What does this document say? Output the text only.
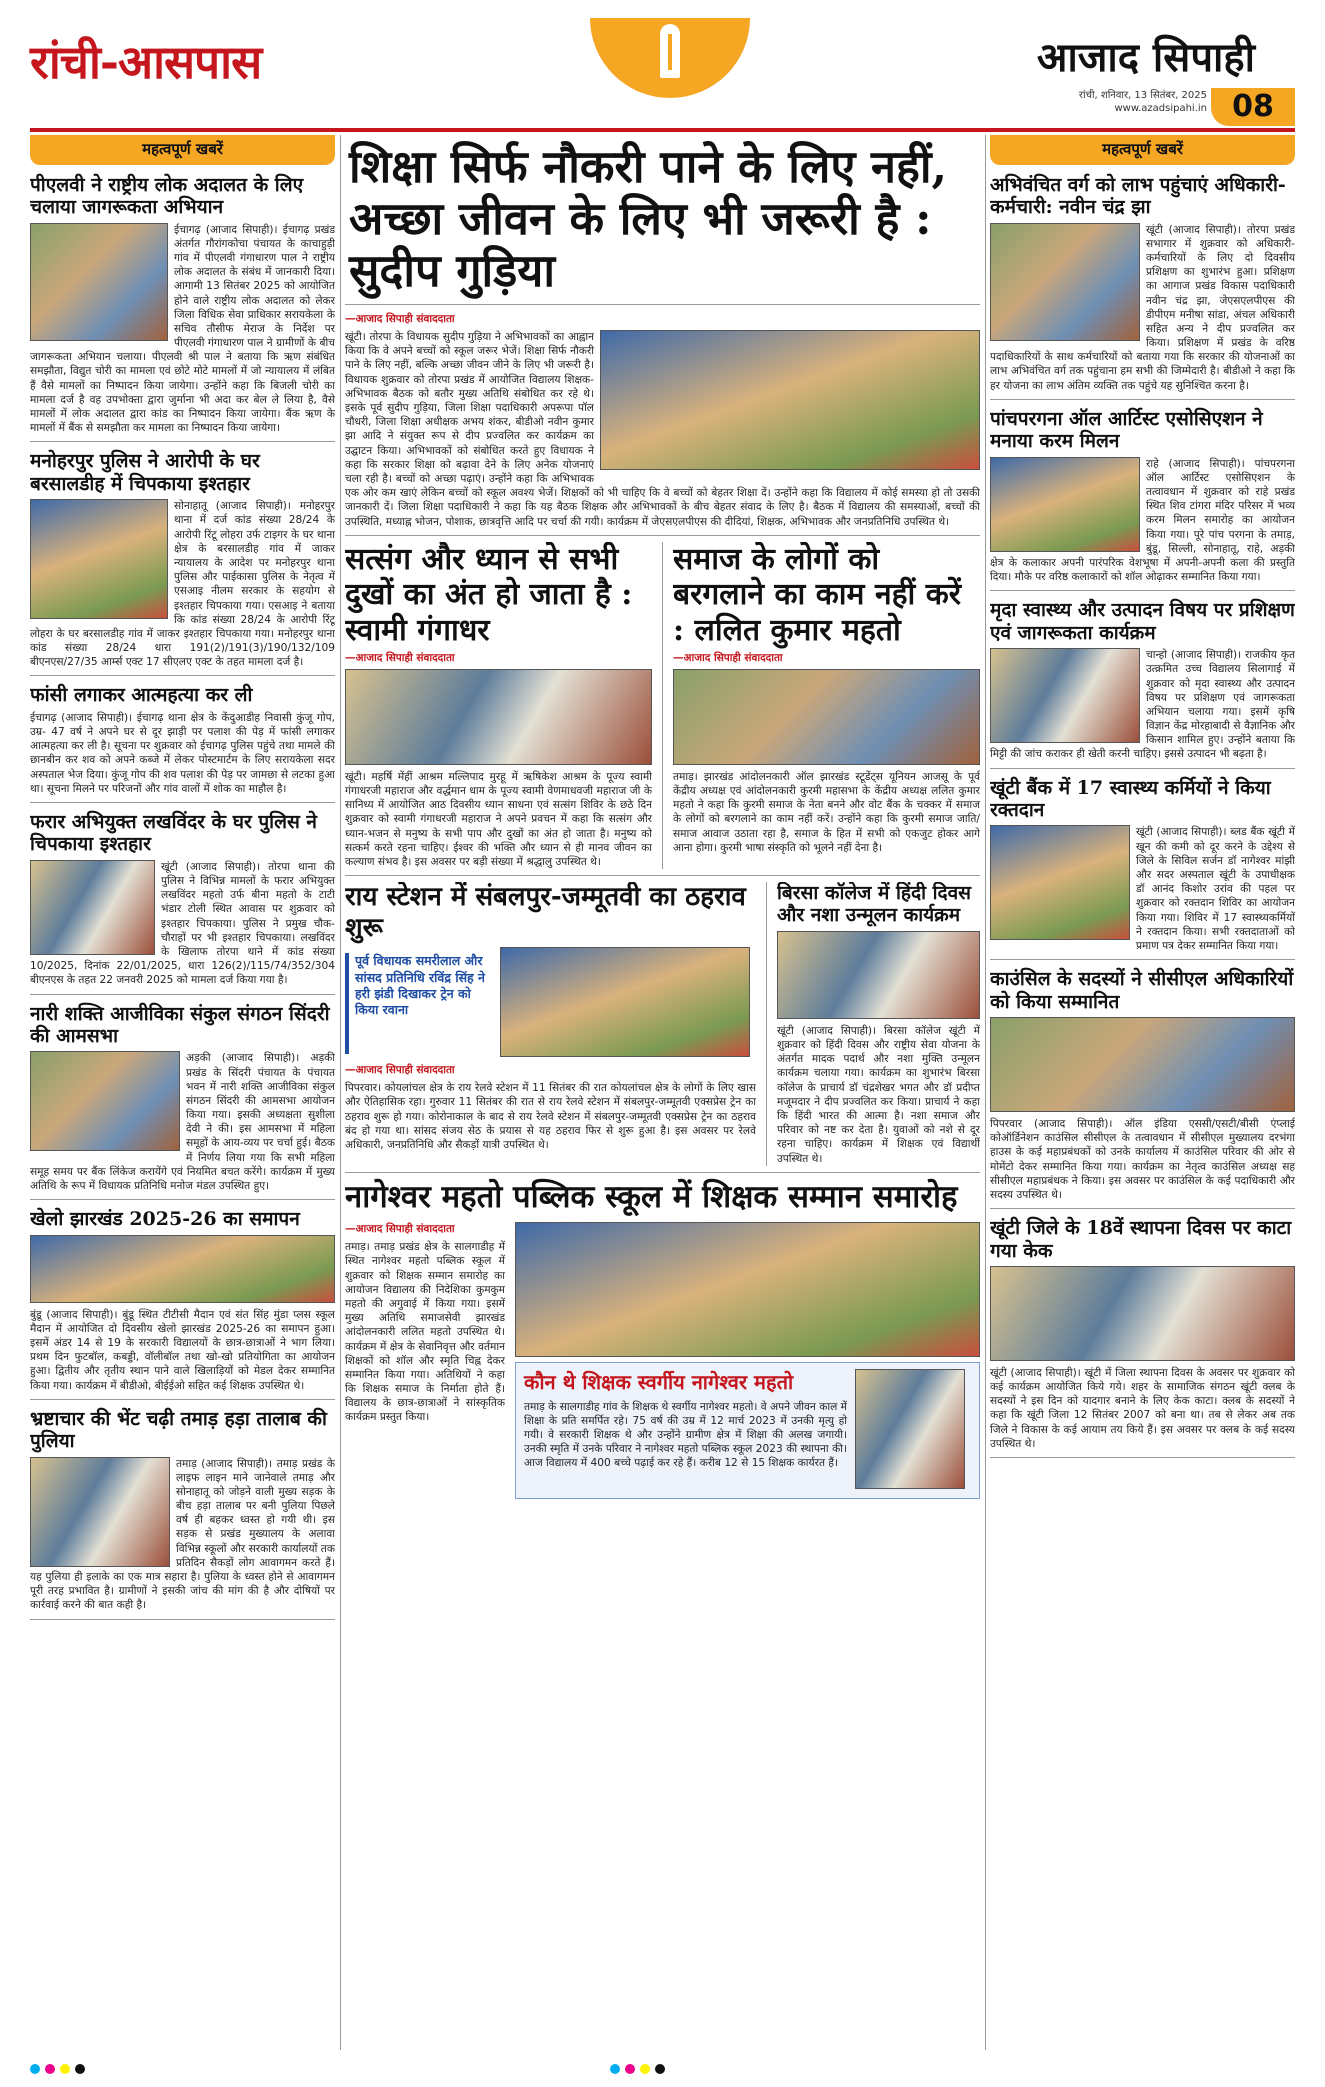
रांची-आसपास	आजाद सिपाही
रांची, शनिवार, 13 सितंबर, 2025
www.azadsipahi.in 08
महत्वपूर्ण खबरें
पीएलवी ने राष्ट्रीय लोक अदालत के लिए चलाया जागरूकता अभियान
ईचागढ़ (आजाद सिपाही)। ईचागढ़ प्रखंड अंतर्गत गौरांगकोचा पंचायत के काचाहुड़ी गांव में पीएलवी गंगाधारण पाल ने राष्ट्रीय लोक अदालत के संबंध में जानकारी दिया। आगामी 13 सितंबर 2025 को आयोजित होने वाले राष्ट्रीय लोक अदालत को लेकर जिला विधिक सेवा प्राधिकार सरायकेला के सचिव तौसीफ मेराज के निर्देश पर पीएलवी गंगाधारण पाल ने ग्रामीणों के बीच जागरूकता अभियान चलाया। पीएलवी श्री पाल ने बताया कि ऋण संबंधित समझौता, विद्युत चोरी का मामला एवं छोटे मोटे मामलों में जो न्यायालय में लंबित हैं वैसे मामलों का निष्पादन किया जायेगा। उन्होंने कहा कि बिजली चोरी का मामला दर्ज है वह उपभोक्ता द्वारा जुर्माना भी अदा कर बेल ले लिया है, वैसे मामलों में लोक अदालत द्वारा कांड का निष्पादन किया जायेगा। बैंक ऋण के मामलों में बैंक से समझौता कर मामला का निष्पादन किया जायेगा।
मनोहरपुर पुलिस ने आरोपी के घर बरसालडीह में चिपकाया इश्तहार
सोनाहातू (आजाद सिपाही)। मनोहरपुर थाना में दर्ज कांड संख्या 28/24 के आरोपी रिंटू लोहरा उर्फ टाइगर के घर थाना क्षेत्र के बरसालडीह गांव में जाकर न्यायालय के आदेश पर मनोहरपुर थाना पुलिस और पाईकासा पुलिस के नेतृत्व में एसआइ नीलम सरकार के सहयोग से इश्तहार चिपकाया गया। एसआइ ने बताया कि कांड संख्या 28/24 के आरोपी रिंटू लोहरा के घर बरसालडीह गांव में जाकर इश्तहार चिपकाया गया। मनोहरपुर थाना कांड संख्या 28/24 धारा 191(2)/191(3)/190/132/109 बीएनएस/27/35 आर्म्स एक्ट 17 सीएलए एक्ट के तहत मामला दर्ज है।
फांसी लगाकर आत्महत्या कर ली
ईचागढ़ (आजाद सिपाही)। ईचागढ़ थाना क्षेत्र के केंदुआडीह निवासी कुंजू गोप, उम्र- 47 वर्ष ने अपने घर से दूर झाड़ी पर पलाश की पेड़ में फांसी लगाकर आत्महत्या कर ली है। सूचना पर शुक्रवार को ईचागढ़ पुलिस पहुंचे तथा मामले की छानबीन कर शव को अपने कब्जे में लेकर पोस्टमार्टम के लिए सरायकेला सदर अस्पताल भेज दिया। कुंजू गोप की शव पलाश की पेड़ पर जामछा से लटका हुआ था। सूचना मिलने पर परिजनों और गांव वालों में शोक का माहौल है।
फरार अभियुक्त लखविंदर के घर पुलिस ने चिपकाया इश्तहार
खूंटी (आजाद सिपाही)। तोरपा थाना की पुलिस ने विभिन्न मामलों के फरार अभियुक्त लखविंदर महतो उर्फ बीना महतो के टाटी भंडार टोली स्थित आवास पर शुक्रवार को इश्तहार चिपकाया। पुलिस ने प्रमुख चौक-चौराहों पर भी इश्तहार चिपकाया। लखविंदर के खिलाफ तोरपा थाने में कांड संख्या 10/2025, दिनांक 22/01/2025, धारा 126(2)/115/74/352/304 बीएनएस के तहत 22 जनवरी 2025 को मामला दर्ज किया गया है।
नारी शक्ति आजीविका संकुल संगठन सिंदरी की आमसभा
अड़की (आजाद सिपाही)। अड़की प्रखंड के सिंदरी पंचायत के पंचायत भवन में नारी शक्ति आजीविका संकुल संगठन सिंदरी की आमसभा आयोजन किया गया। इसकी अध्यक्षता सुशीला देवी ने की। इस आमसभा में महिला समूहों के आय-व्यय पर चर्चा हुई। बैठक में निर्णय लिया गया कि सभी महिला समूह समय पर बैंक लिंकेज करायेंगे एवं नियमित बचत करेंगे। कार्यक्रम में मुख्य अतिथि के रूप में विधायक प्रतिनिधि मनोज मंडल उपस्थित हुए।
खेलो झारखंड 2025-26 का समापन
बुंडू (आजाद सिपाही)। बुंडू स्थित टीटीसी मैदान एवं संत सिंह मुंडा प्लस स्कूल मैदान में आयोजित दो दिवसीय खेलो झारखंड 2025-26 का समापन हुआ। इसमें अंडर 14 से 19 के सरकारी विद्यालयों के छात्र-छात्राओं ने भाग लिया। प्रथम दिन फुटबॉल, कबड्डी, वॉलीबॉल तथा खो-खो प्रतियोगिता का आयोजन हुआ। द्वितीय और तृतीय स्थान पाने वाले खिलाड़ियों को मेडल देकर सम्मानित किया गया। कार्यक्रम में बीडीओ, बीईईओ सहित कई शिक्षक उपस्थित थे।
भ्रष्टाचार की भेंट चढ़ी तमाड़ हड़ा तालाब की पुलिया
तमाड़ (आजाद सिपाही)। तमाड़ प्रखंड के लाइफ लाइन माने जानेवाले तमाड़ और सोनाहातू को जोड़ने वाली मुख्य सड़क के बीच हड़ा तालाब पर बनी पुलिया पिछले वर्ष ही बहकर ध्वस्त हो गयी थी। इस सड़क से प्रखंड मुख्यालय के अलावा विभिन्न स्कूलों और सरकारी कार्यालयों तक प्रतिदिन सैकड़ों लोग आवागमन करते हैं। यह पुलिया ही इलाके का एक मात्र सहारा है। पुलिया के ध्वस्त होने से आवागमन पूरी तरह प्रभावित है। ग्रामीणों ने इसकी जांच की मांग की है और दोषियों पर कार्रवाई करने की बात कही है।
शिक्षा सिर्फ नौकरी पाने के लिए नहीं, अच्छा जीवन के लिए भी जरूरी है : सुदीप गुड़िया
— आजाद सिपाही संवाददाता
खूंटी। तोरपा के विधायक सुदीप गुड़िया ने अभिभावकों का आह्वान किया कि वे अपने बच्चों को स्कूल जरूर भेजें। शिक्षा सिर्फ नौकरी पाने के लिए नहीं, बल्कि अच्छा जीवन जीने के लिए भी जरूरी है। विधायक शुक्रवार को तोरपा प्रखंड में आयोजित विद्यालय शिक्षक-अभिभावक बैठक को बतौर मुख्य अतिथि संबोधित कर रहे थे। इसके पूर्व सुदीप गुड़िया, जिला शिक्षा पदाधिकारी अपरूपा पॉल चौधरी, जिला शिक्षा अधीक्षक अभय शंकर, बीडीओ नवीन कुमार झा आदि ने संयुक्त रूप से दीप प्रज्वलित कर कार्यक्रम का उद्घाटन किया। अभिभावकों को संबोधित करते हुए विधायक ने कहा कि सरकार शिक्षा को बढ़ावा देने के लिए अनेक योजनाएं चला रही है। बच्चों को अच्छा पढ़ाएं। उन्होंने कहा कि अभिभावक एक ओर कम खाएं लेकिन बच्चों को स्कूल अवश्य भेजें। शिक्षकों को भी चाहिए कि वे बच्चों को बेहतर शिक्षा दें। उन्होंने कहा कि विद्यालय में कोई समस्या हो तो उसकी जानकारी दें। जिला शिक्षा पदाधिकारी ने कहा कि यह बैठक शिक्षक और अभिभावकों के बीच बेहतर संवाद के लिए है। बैठक में विद्यालय की समस्याओं, बच्चों की उपस्थिति, मध्याह्न भोजन, पोशाक, छात्रवृत्ति आदि पर चर्चा की गयी। कार्यक्रम में जेएसएलपीएस की दीदियां, शिक्षक, अभिभावक और जनप्रतिनिधि उपस्थित थे।
सत्संग और ध्यान से सभी दुखों का अंत हो जाता है : स्वामी गंगाधर
— आजाद सिपाही संवाददाता
खूंटी। महर्षि मेंहीं आश्रम मल्लिपाद मुरहू में ऋषिकेश आश्रम के पूज्य स्वामी गंगाधरजी महाराज और वर्द्धमान धाम के पूज्य स्वामी वेणमाधवजी महाराज जी के सानिध्य में आयोजित आठ दिवसीय ध्यान साधना एवं सत्संग शिविर के छठे दिन शुक्रवार को स्वामी गंगाधरजी महाराज ने अपने प्रवचन में कहा कि सत्संग और ध्यान-भजन से मनुष्य के सभी पाप और दुखों का अंत हो जाता है। मनुष्य को सत्कर्म करते रहना चाहिए। ईश्वर की भक्ति और ध्यान से ही मानव जीवन का कल्याण संभव है। इस अवसर पर बड़ी संख्या में श्रद्धालु उपस्थित थे।
समाज के लोगों को बरगलाने का काम नहीं करें : ललित कुमार महतो
— आजाद सिपाही संवाददाता
तमाड़। झारखंड आंदोलनकारी ऑल झारखंड स्टूडेंट्स यूनियन आजसू के पूर्व केंद्रीय अध्यक्ष एवं आंदोलनकारी कुरमी महासभा के केंद्रीय अध्यक्ष ललित कुमार महतो ने कहा कि कुरमी समाज के नेता बनने और वोट बैंक के चक्कर में समाज के लोगों को बरगलाने का काम नहीं करें। उन्होंने कहा कि कुरमी समाज जाति/समाज आवाज उठाता रहा है, समाज के हित में सभी को एकजुट होकर आगे आना होगा। कुरमी भाषा संस्कृति को भूलने नहीं देना है।
राय स्टेशन में संबलपुर-जम्मूतवी का ठहराव शुरू
पूर्व विधायक समरीलाल और सांसद प्रतिनिधि रविंद्र सिंह ने हरी झंडी दिखाकर ट्रेन को किया रवाना
— आजाद सिपाही संवाददाता
पिपरवार। कोयलांचल क्षेत्र के राय रेलवे स्टेशन में 11 सितंबर की रात कोयलांचल क्षेत्र के लोगों के लिए खास और ऐतिहासिक रहा। गुरुवार 11 सितंबर की रात से राय रेलवे स्टेशन में संबलपुर-जम्मूतवी एक्सप्रेस ट्रेन का ठहराव शुरू हो गया। कोरोनाकाल के बाद से राय रेलवे स्टेशन में संबलपुर-जम्मूतवी एक्सप्रेस ट्रेन का ठहराव बंद हो गया था। सांसद संजय सेठ के प्रयास से यह ठहराव फिर से शुरू हुआ है। इस अवसर पर रेलवे अधिकारी, जनप्रतिनिधि और सैकड़ों यात्री उपस्थित थे।
बिरसा कॉलेज में हिंदी दिवस और नशा उन्मूलन कार्यक्रम
खूंटी (आजाद सिपाही)। बिरसा कॉलेज खूंटी में शुक्रवार को हिंदी दिवस और राष्ट्रीय सेवा योजना के अंतर्गत मादक पदार्थ और नशा मुक्ति उन्मूलन कार्यक्रम चलाया गया। कार्यक्रम का शुभारंभ बिरसा कॉलेज के प्राचार्य डॉ चंद्रशेखर भगत और डॉ प्रदीप्त मजूमदार ने दीप प्रज्वलित कर किया। प्राचार्य ने कहा कि हिंदी भारत की आत्मा है। नशा समाज और परिवार को नष्ट कर देता है। युवाओं को नशे से दूर रहना चाहिए। कार्यक्रम में शिक्षक एवं विद्यार्थी उपस्थित थे।
नागेश्वर महतो पब्लिक स्कूल में शिक्षक सम्मान समारोह
— आजाद सिपाही संवाददाता
तमाड़। तमाड़ प्रखंड क्षेत्र के सालगाडीह में स्थित नागेश्वर महतो पब्लिक स्कूल में शुक्रवार को शिक्षक सम्मान समारोह का आयोजन विद्यालय की निदेशिका कुमकुम महतो की अगुवाई में किया गया। इसमें मुख्य अतिथि समाजसेवी झारखंड आंदोलनकारी ललित महतो उपस्थित थे। कार्यक्रम में क्षेत्र के सेवानिवृत्त और वर्तमान शिक्षकों को शॉल और स्मृति चिह्न देकर सम्मानित किया गया। अतिथियों ने कहा कि शिक्षक समाज के निर्माता होते हैं। विद्यालय के छात्र-छात्राओं ने सांस्कृतिक कार्यक्रम प्रस्तुत किया।
कौन थे शिक्षक स्वर्गीय नागेश्वर महतो
तमाड़ के सालगाडीह गांव के शिक्षक थे स्वर्गीय नागेश्वर महतो। वे अपने जीवन काल में शिक्षा के प्रति समर्पित रहे। 75 वर्ष की उम्र में 12 मार्च 2023 में उनकी मृत्यु हो गयी। वे सरकारी शिक्षक थे और उन्होंने ग्रामीण क्षेत्र में शिक्षा की अलख जगायी। उनकी स्मृति में उनके परिवार ने नागेश्वर महतो पब्लिक स्कूल 2023 की स्थापना की। आज विद्यालय में 400 बच्चे पढ़ाई कर रहे हैं। करीब 12 से 15 शिक्षक कार्यरत हैं।
महत्वपूर्ण खबरें
अभिवंचित वर्ग को लाभ पहुंचाएं अधिकारी-कर्मचारी: नवीन चंद्र झा
खूंटी (आजाद सिपाही)। तोरपा प्रखंड सभागार में शुक्रवार को अधिकारी-कर्मचारियों के लिए दो दिवसीय प्रशिक्षण का शुभारंभ हुआ। प्रशिक्षण का आगाज प्रखंड विकास पदाधिकारी नवीन चंद्र झा, जेएसएलपीएस की डीपीएम मनीषा सांडा, अंचल अधिकारी सहित अन्य ने दीप प्रज्वलित कर किया। प्रशिक्षण में प्रखंड के वरिष्ठ पदाधिकारियों के साथ कर्मचारियों को बताया गया कि सरकार की योजनाओं का लाभ अभिवंचित वर्ग तक पहुंचाना हम सभी की जिम्मेदारी है। बीडीओ ने कहा कि हर योजना का लाभ अंतिम व्यक्ति तक पहुंचे यह सुनिश्चित करना है।
पांचपरगना ऑल आर्टिस्ट एसोसिएशन ने मनाया करम मिलन
राहे (आजाद सिपाही)। पांचपरगना ऑल आर्टिस्ट एसोसिएशन के तत्वावधान में शुक्रवार को राहे प्रखंड स्थित शिव टांगरा मंदिर परिसर में भव्य करम मिलन समारोह का आयोजन किया गया। पूरे पांच परगना के तमाड़, बुंडू, सिल्ली, सोनाहातू, राहे, अड़की क्षेत्र के कलाकार अपनी पारंपरिक वेशभूषा में अपनी-अपनी कला की प्रस्तुति दिया। मौके पर वरिष्ठ कलाकारों को शॉल ओढ़ाकर सम्मानित किया गया।
मृदा स्वास्थ्य और उत्पादन विषय पर प्रशिक्षण एवं जागरूकता कार्यक्रम
चान्हो (आजाद सिपाही)। राजकीय कृत उत्क्रमित उच्च विद्यालय सिलागाई में शुक्रवार को मृदा स्वास्थ्य और उत्पादन विषय पर प्रशिक्षण एवं जागरूकता अभियान चलाया गया। इसमें कृषि विज्ञान केंद्र मोरहाबादी से वैज्ञानिक और किसान शामिल हुए। उन्होंने बताया कि मिट्टी की जांच कराकर ही खेती करनी चाहिए। इससे उत्पादन भी बढ़ता है।
खूंटी बैंक में 17 स्वास्थ्य कर्मियों ने किया रक्तदान
खूंटी (आजाद सिपाही)। ब्लड बैंक खूंटी में खून की कमी को दूर करने के उद्देश्य से जिले के सिविल सर्जन डॉ नागेश्वर मांझी और सदर अस्पताल खूंटी के उपाधीक्षक डॉ आनंद किशोर उरांव की पहल पर शुक्रवार को रक्तदान शिविर का आयोजन किया गया। शिविर में 17 स्वास्थ्यकर्मियों ने रक्तदान किया। सभी रक्तदाताओं को प्रमाण पत्र देकर सम्मानित किया गया।
काउंसिल के सदस्यों ने सीसीएल अधिकारियों को किया सम्मानित
पिपरवार (आजाद सिपाही)। ऑल इंडिया एससी/एसटी/बीसी एंप्लाई कोऑर्डिनेशन काउंसिल सीसीएल के तत्वावधान में सीसीएल मुख्यालय दरभंगा हाउस के कई महाप्रबंधकों को उनके कार्यालय में काउंसिल परिवार की ओर से मोमेंटो देकर सम्मानित किया गया। कार्यक्रम का नेतृत्व काउंसिल अध्यक्ष सह सीसीएल महाप्रबंधक ने किया। इस अवसर पर काउंसिल के कई पदाधिकारी और सदस्य उपस्थित थे।
खूंटी जिले के 18वें स्थापना दिवस पर काटा गया केक
खूंटी (आजाद सिपाही)। खूंटी में जिला स्थापना दिवस के अवसर पर शुक्रवार को कई कार्यक्रम आयोजित किये गये। शहर के सामाजिक संगठन खूंटी क्लब के सदस्यों ने इस दिन को यादगार बनाने के लिए केक काटा। क्लब के सदस्यों ने कहा कि खूंटी जिला 12 सितंबर 2007 को बना था। तब से लेकर अब तक जिले ने विकास के कई आयाम तय किये हैं। इस अवसर पर क्लब के कई सदस्य उपस्थित थे।
